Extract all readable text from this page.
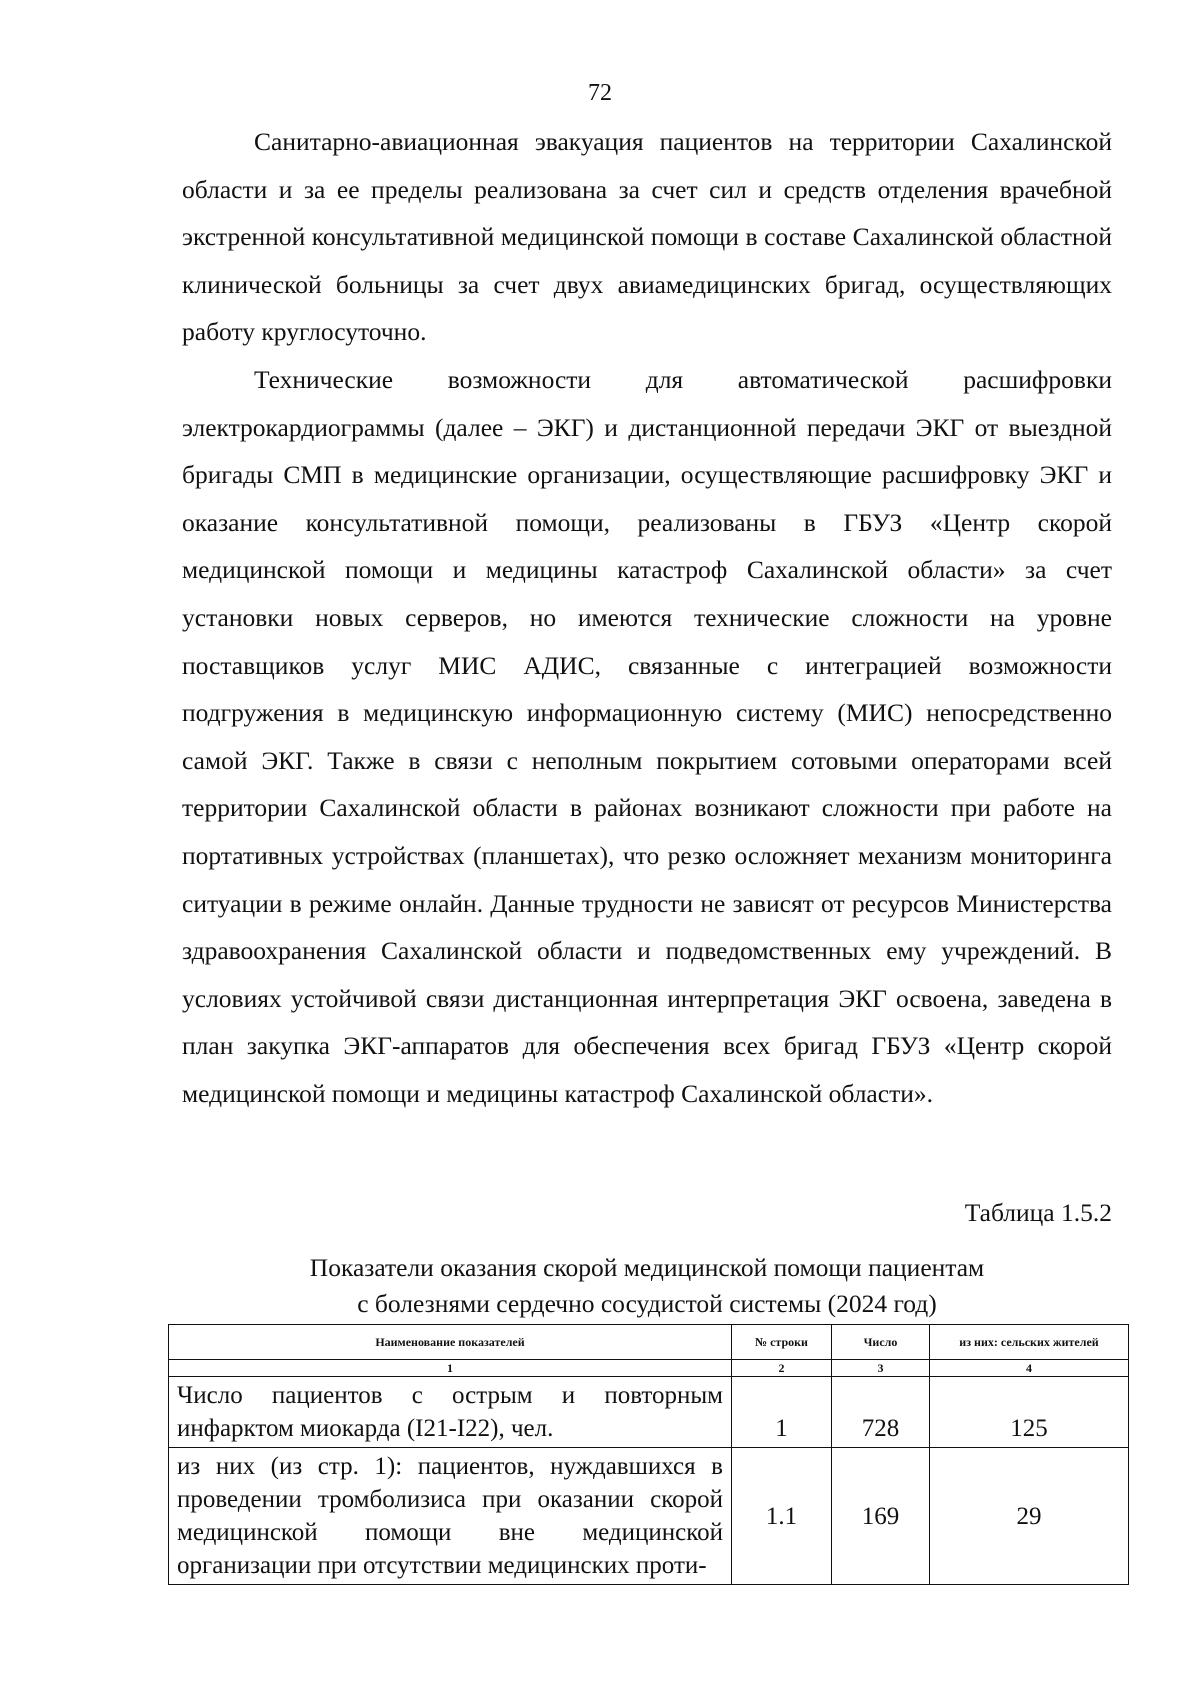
72

Санитарно-авиационная эвакуация пациентов на территории Сахалинской области и за ее пределы реализована за счет сил и средств отделения врачебной экстренной консультативной медицинской помощи в составе Сахалинской областной клинической больницы за счет двух авиамедицинских бригад, осуществляющих работу круглосуточно.

Технические возможности для автоматической расшифровки электрокардиограммы (далее – ЭКГ) и дистанционной передачи ЭКГ от выездной бригады СМП в медицинские организации, осуществляющие расшифровку ЭКГ и оказание консультативной помощи, реализованы в ГБУЗ «Центр скорой медицинской помощи и медицины катастроф Сахалинской области» за счет установки новых серверов, но имеются технические сложности на уровне поставщиков услуг МИС АДИС, связанные с интеграцией возможности подгружения в медицинскую информационную систему (МИС) непосредственно самой ЭКГ. Также в связи с неполным покрытием сотовыми операторами всей территории Сахалинской области в районах возникают сложности при работе на портативных устройствах (планшетах), что резко осложняет механизм мониторинга ситуации в режиме онлайн. Данные трудности не зависят от ресурсов Министерства здравоохранения Сахалинской области и подведомственных ему учреждений. В условиях устойчивой связи дистанционная интерпретация ЭКГ освоена, заведена в план закупка ЭКГ-аппаратов для обеспечения всех бригад ГБУЗ «Центр скорой медицинской помощи и медицины катастроф Сахалинской области».

Таблица 1.5.2
Показатели оказания скорой медицинской помощи пациентам
с болезнями сердечно сосудистой системы (2024 год)
Наименование показателей	№ строки	Число	из них: сельских жителей
1	2	3	4
Число пациентов с острым и повторным инфарктом миокарда (I21-I22), чел.	1	728	125
из них (из стр. 1): пациентов, нуждавшихся в проведении тромболизиса при оказании скорой медицинской помощи вне медицинской организации при отсутствии медицинских проти-	1.1	169	29
